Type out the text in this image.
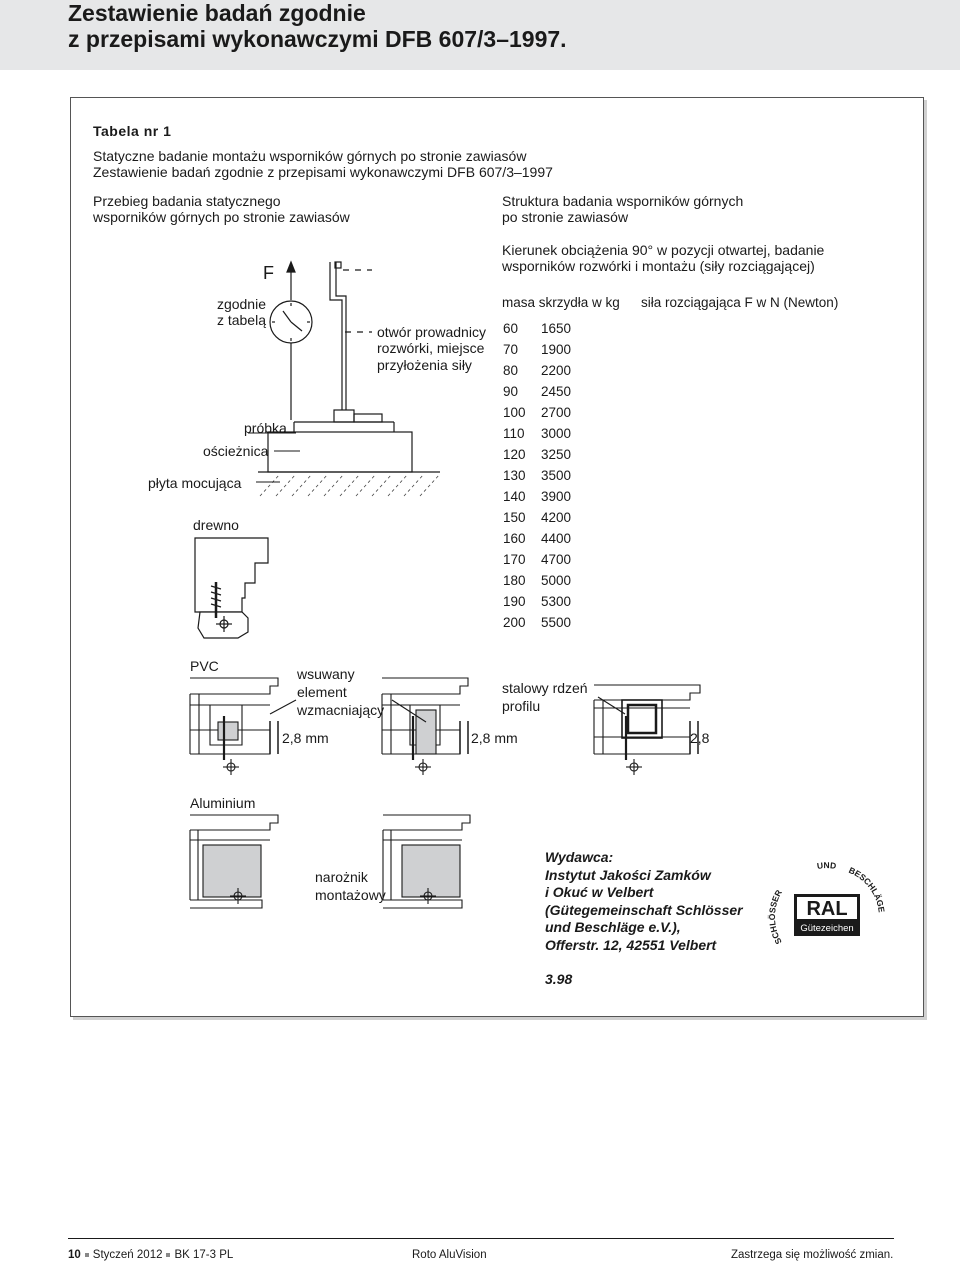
Zestawienie badań zgodnie
z przepisami wykonawczymi DFB 607/3–1997.
Tabela nr 1
Statyczne badanie montażu wsporników górnych po stronie zawiasów
Zestawienie badań zgodnie z przepisami wykonawczymi DFB 607/3–1997
Przebieg badania statycznego
wsporników górnych po stronie zawiasów
Struktura badania wsporników górnych
po stronie zawiasów
Kierunek obciążenia 90° w pozycji otwartej, badanie
wsporników rozwórki i montażu (siły rozciągającej)
masa skrzydła w kg siła rozciągająca F w N (Newton)
60 1650
70 1900
80 2200
90 2450
100 2700
110 3000
120 3250
130 3500
140 3900
150 4200
160 4400
170 4700
180 5000
190 5300
200 5500
F
zgodnie
z tabelą
otwór prowadnicy
rozwórki, miejsce
przyłożenia siły
próbka
ościeżnica
płyta mocująca
drewno
PVC	wsuwany
element
wzmacniający
stalowy rdzeń
profilu
2,8 mm	2,8 mm	2,8
Aluminium
narożnik
montażowy
Wydawca:
Instytut Jakości Zamków
i Okuć w Velbert
(Gütegemeinschaft Schlösser
und Beschläge e.V.),
Offerstr. 12, 42551 Velbert
3.98
SCHLÖSSER
UND BESCHLÄGE
RAL
Gütezeichen
10 Styczeń 2012 BK 17-3 PL	Roto AluVision	Zastrzega się możliwość zmian.
